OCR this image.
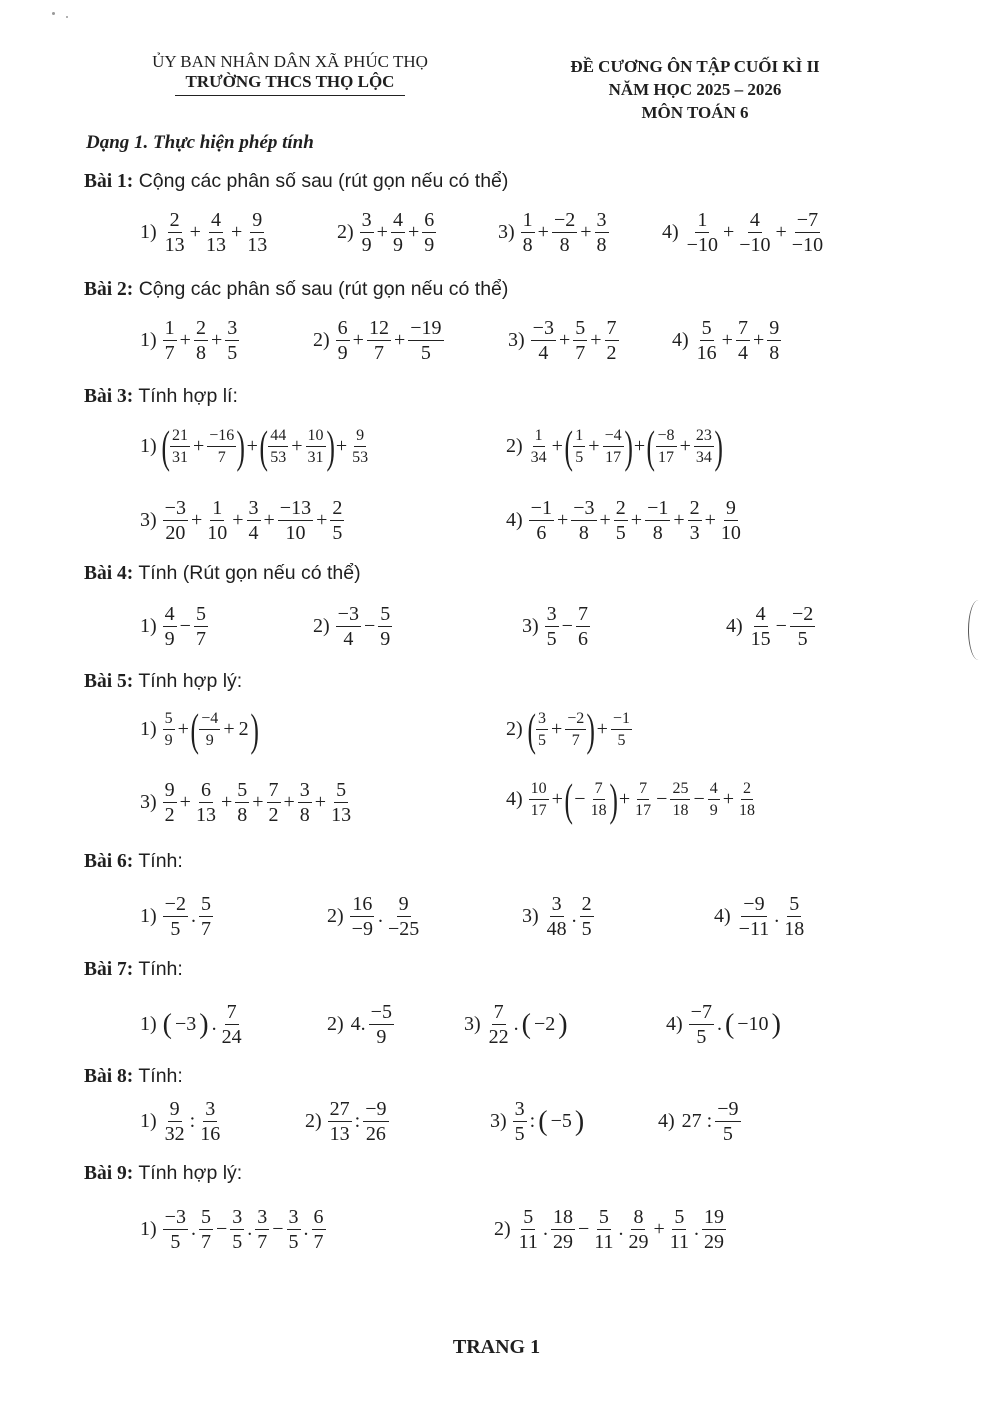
ỦY BAN NHÂN DÂN XÃ PHÚC THỌ
TRƯỜNG THCS THỌ LỘC
ĐỀ CƯƠNG ÔN TẬP CUỐI KÌ II
NĂM HỌC 2025 – 2026
MÔN TOÁN 6
Dạng 1. Thực hiện phép tính
Bài 1: Cộng các phân số sau (rút gọn nếu có thể)
Bài 2: Cộng các phân số sau (rút gọn nếu có thể)
Bài 3: Tính hợp lí:
Bài 4: Tính (Rút gọn nếu có thể)
Bài 5: Tính hợp lý:
Bài 6: Tính:
Bài 7: Tính:
Bài 8: Tính:
Bài 9: Tính hợp lý:
$1) \frac{2}{13} + \frac{4}{13} + \frac{9}{13}$	$2) \frac{3}{9} + \frac{4}{9} + \frac{6}{9}$	$3) \frac{1}{8} + \frac{-2}{8} + \frac{3}{8}$	$4) \frac{1}{-10} + \frac{4}{-10} + \frac{-7}{-10}$
$1) \frac{1}{7} + \frac{2}{8} + \frac{3}{5}$	$2) \frac{6}{9} + \frac{12}{7} + \frac{-19}{5}$	$3) \frac{-3}{4} + \frac{5}{7} + \frac{7}{2}$	$4) \frac{5}{16} + \frac{7}{4} + \frac{9}{8}$
1) ( $\frac{21}{31} + \frac{-16}{7}$ ) + ( $\frac{44}{53} + \frac{10}{31}$ ) + $\frac{9}{53}$	$2) \frac{1}{34}$ + ( $\frac{1}{5} + \frac{-4}{17}$ ) + ( $\frac{-8}{17} + \frac{23}{34}$ )
$3) \frac{-3}{20} + \frac{1}{10} + \frac{3}{4} + \frac{-13}{10} + \frac{2}{5}$	$4) \frac{-1}{6} + \frac{-3}{8} + \frac{2}{5} + \frac{-1}{8} + \frac{2}{3} + \frac{9}{10}$
$1) \frac{4}{9} - \frac{5}{7}$	$2) \frac{-3}{4} - \frac{5}{9}$	$3) \frac{3}{5} - \frac{7}{6}$	$4) \frac{4}{15} - \frac{-2}{5}$
$1) \frac{5}{9}$ + ( $\frac{-4}{9} + 2$ )	2) ( $\frac{3}{5} + \frac{-2}{7}$ ) + $\frac{-1}{5}$
$3) \frac{9}{2} + \frac{6}{13} + \frac{5}{8} + \frac{7}{2} + \frac{3}{8} + \frac{5}{13}$	$4) \frac{10}{17}$ + ( − $\frac{7}{18}$ ) + $\frac{7}{17} - \frac{25}{18} - \frac{4}{9} + \frac{2}{18}$
$1) \frac{-2}{5}$ . $\frac{5}{7}$	$2) \frac{16}{-9}$ . $\frac{9}{-25}$	$3) \frac{3}{48}$ . $\frac{2}{5}$	$4) \frac{-9}{-11}$ . $\frac{5}{18}$
1) ( −3 ) . $\frac{7}{24}$	2) 4. $\frac{-5}{9}$	$3) \frac{7}{22}$ . ( −2 )	$4) \frac{-7}{5}$ . ( −10 )
$1) \frac{9}{32}$ : $\frac{3}{16}$	$2) \frac{27}{13}$ : $\frac{-9}{26}$	$3) \frac{3}{5}$ : ( −5 )	4) 27 : $\frac{-9}{5}$
$1) \frac{-3}{5}$ . $\frac{5}{7} - \frac{3}{5}$ . $\frac{3}{7} - \frac{3}{5}$ . $\frac{6}{7}$	$2) \frac{5}{11}$ . $\frac{18}{29} - \frac{5}{11}$ . $\frac{8}{29} + \frac{5}{11}$ . $\frac{19}{29}$
TRANG 1
